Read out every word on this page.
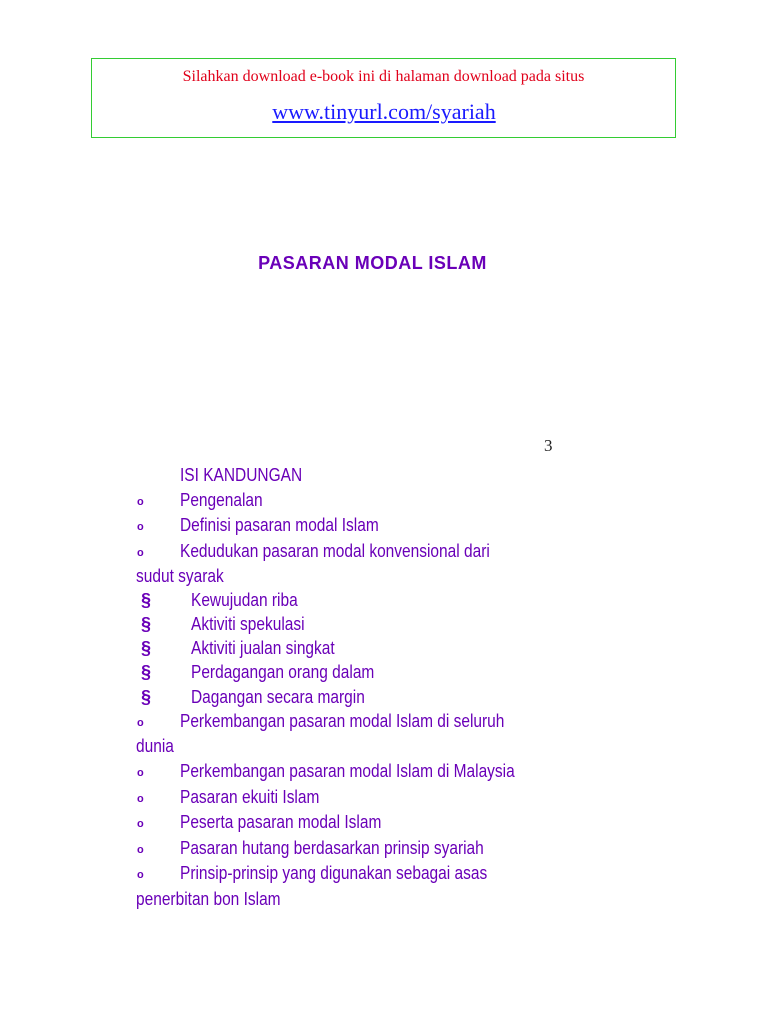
Silahkan download e-book ini di halaman download pada situs
www.tinyurl.com/syariah
PASARAN MODAL ISLAM
3
ISI KANDUNGAN
o Pengenalan
o Definisi pasaran modal Islam
o Kedudukan pasaran modal konvensional dari
sudut syarak
§ Kewujudan riba
§ Aktiviti spekulasi
§ Aktiviti jualan singkat
§ Perdagangan orang dalam
§ Dagangan secara margin
o Perkembangan pasaran modal Islam di seluruh
dunia
o Perkembangan pasaran modal Islam di Malaysia
o Pasaran ekuiti Islam
o Peserta pasaran modal Islam
o Pasaran hutang berdasarkan prinsip syariah
o Prinsip-prinsip yang digunakan sebagai asas
penerbitan bon Islam
